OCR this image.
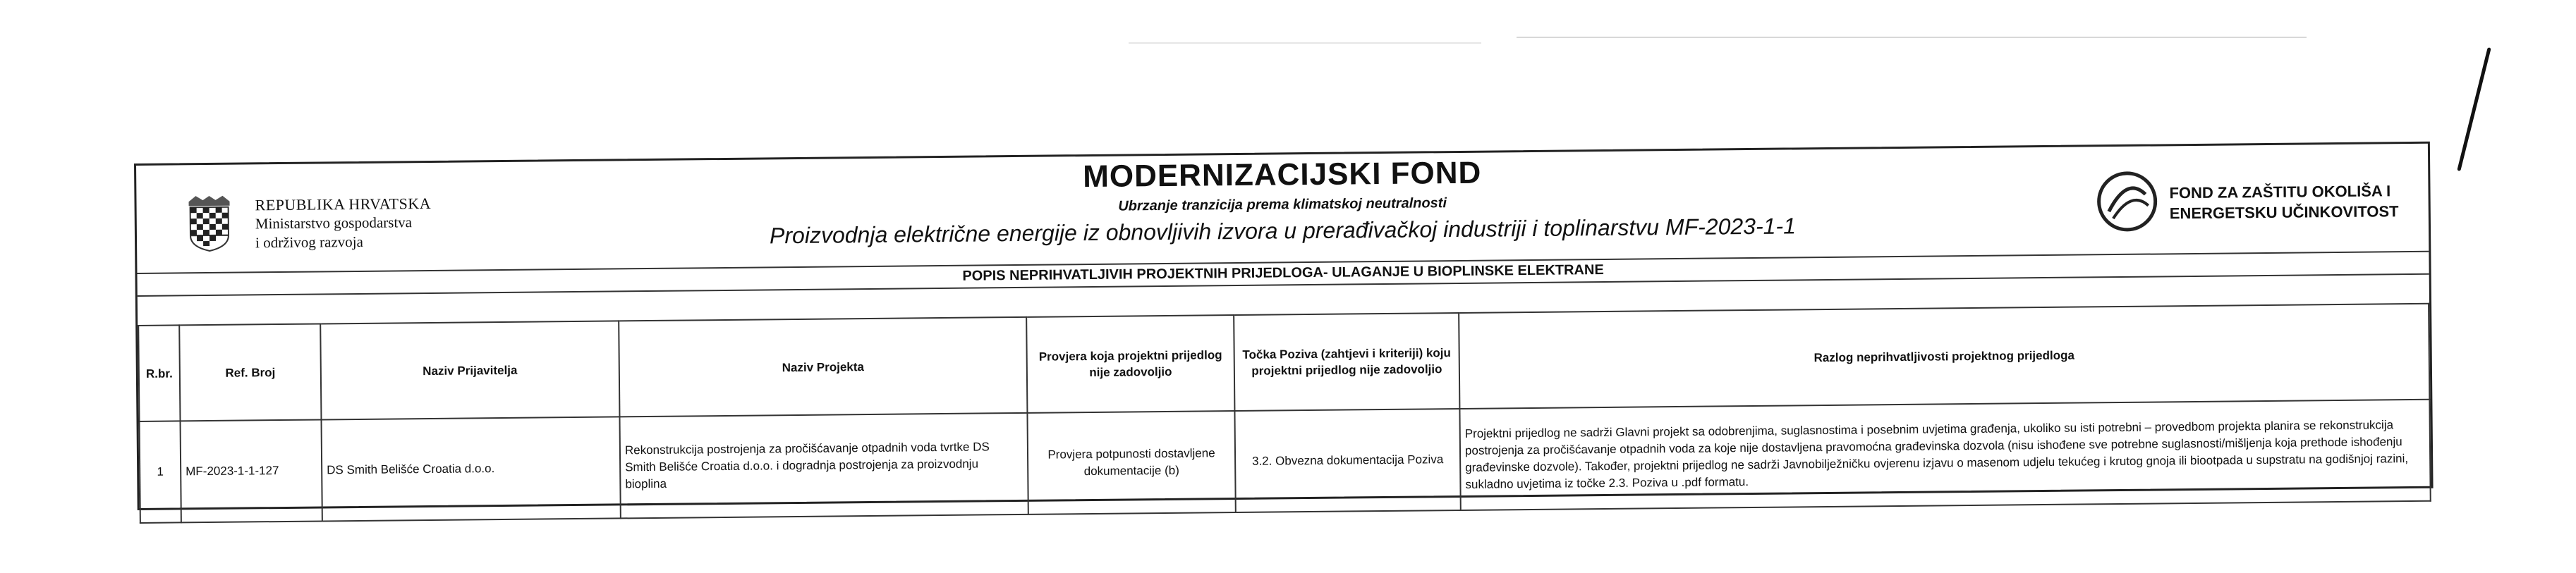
REPUBLIKA HRVATSKA
Ministarstvo gospodarstva
i održivog razvoja
MODERNIZACIJSKI FOND
Ubrzanje tranzicija prema klimatskoj neutralnosti
Proizvodnja električne energije iz obnovljivih izvora u prerađivačkoj industriji i toplinarstvu MF-2023-1-1
FOND ZA ZAŠTITU OKOLIŠA I
ENERGETSKU UČINKOVITOST
POPIS NEPRIHVATLJIVIH PROJEKTNIH PRIJEDLOGA- ULAGANJE U BIOPLINSKE ELEKTRANE
R.br.	Ref. Broj	Naziv Prijavitelja	Naziv Projekta	Provjera koja projektni prijedlog nije zadovoljio	Točka Poziva (zahtjevi i kriteriji) koju projektni prijedlog nije zadovoljio	Razlog neprihvatljivosti projektnog prijedloga
1	MF-2023-1-1-127	DS Smith Belišće Croatia d.o.o.	Rekonstrukcija postrojenja za pročišćavanje otpadnih voda tvrtke DS Smith Belišće Croatia d.o.o. i dogradnja postrojenja za proizvodnju bioplina	Provjera potpunosti dostavljene dokumentacije (b)	3.2. Obvezna dokumentacija Poziva	Projektni prijedlog ne sadrži Glavni projekt sa odobrenjima, suglasnostima i posebnim uvjetima građenja, ukoliko su isti potrebni – provedbom projekta planira se rekonstrukcija postrojenja za pročišćavanje otpadnih voda za koje nije dostavljena pravomoćna građevinska dozvola (nisu ishođene sve potrebne suglasnosti/mišljenja koja prethode ishođenju građevinske dozvole). Također, projektni prijedlog ne sadrži Javnobilježničku ovjerenu izjavu o masenom udjelu tekućeg i krutog gnoja ili biootpada u supstratu na godišnjoj razini, sukladno uvjetima iz točke 2.3. Poziva u .pdf formatu.
